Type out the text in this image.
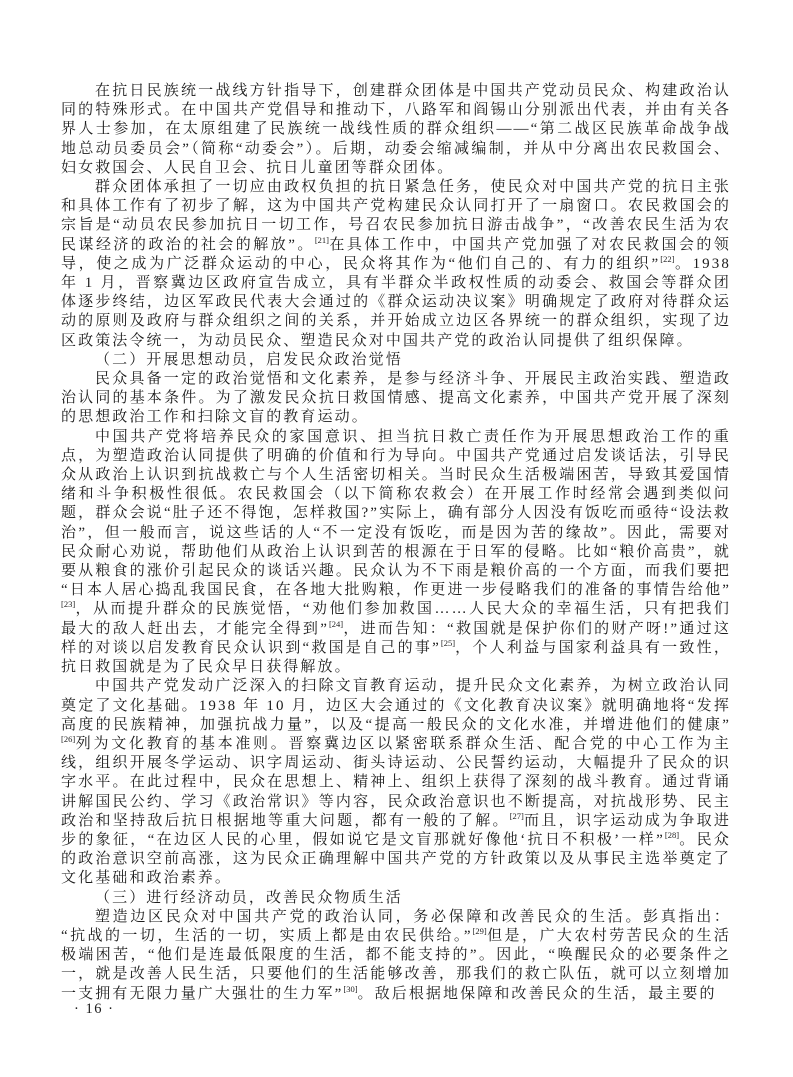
在抗日民族统一战线方针指导下，创建群众团体是中国共产党动员民众、构建政治认同的特殊形式。在中国共产党倡导和推动下，八路军和阎锡山分别派出代表，并由有关各界人士参加，在太原组建了民族统一战线性质的群众组织——“第二战区民族革命战争战地总动员委员会”（简称“动委会”）。后期，动委会缩减编制，并从中分离出农民救国会、妇女救国会、人民自卫会、抗日儿童团等群众团体。

群众团体承担了一切应由政权负担的抗日紧急任务，使民众对中国共产党的抗日主张和具体工作有了初步了解，这为中国共产党构建民众认同打开了一扇窗口。农民救国会的宗旨是“动员农民参加抗日一切工作，号召农民参加抗日游击战争”，“改善农民生活为农民谋经济的政治的社会的解放”。[21]在具体工作中，中国共产党加强了对农民救国会的领导，使之成为广泛群众运动的中心，民众将其作为“他们自己的、有力的组织”[22]。1938 年 1 月，晋察冀边区政府宣告成立，具有半群众半政权性质的动委会、救国会等群众团体逐步终结，边区军政民代表大会通过的《群众运动决议案》明确规定了政府对待群众运动的原则及政府与群众组织之间的关系，并开始成立边区各界统一的群众组织，实现了边区政策法令统一，为动员民众、塑造民众对中国共产党的政治认同提供了组织保障。

（二）开展思想动员，启发民众政治觉悟

民众具备一定的政治觉悟和文化素养，是参与经济斗争、开展民主政治实践、塑造政治认同的基本条件。为了激发民众抗日救国情感、提高文化素养，中国共产党开展了深刻的思想政治工作和扫除文盲的教育运动。

中国共产党将培养民众的家国意识、担当抗日救亡责任作为开展思想政治工作的重点，为塑造政治认同提供了明确的价值和行为导向。中国共产党通过启发谈话法，引导民众从政治上认识到抗战救亡与个人生活密切相关。当时民众生活极端困苦，导致其爱国情绪和斗争积极性很低。农民救国会（以下简称农救会）在开展工作时经常会遇到类似问题，群众会说“肚子还不得饱，怎样救国?”实际上，确有部分人因没有饭吃而亟待“设法救治”，但一般而言，说这些话的人“不一定没有饭吃，而是因为苦的缘故”。因此，需要对民众耐心劝说，帮助他们从政治上认识到苦的根源在于日军的侵略。比如“粮价高贵”，就要从粮食的涨价引起民众的谈话兴趣。民众认为不下雨是粮价高的一个方面，而我们要把“日本人居心捣乱我国民食，在各地大批购粮，作更进一步侵略我们的准备的事情告给他”[23]，从而提升群众的民族觉悟，“劝他们参加救国……人民大众的幸福生活，只有把我们最大的敌人赶出去，才能完全得到”[24]，进而告知：“救国就是保护你们的财产呀!”通过这样的对谈以启发教育民众认识到“救国是自己的事”[25]，个人利益与国家利益具有一致性，抗日救国就是为了民众早日获得解放。

中国共产党发动广泛深入的扫除文盲教育运动，提升民众文化素养，为树立政治认同奠定了文化基础。1938 年 10 月，边区大会通过的《文化教育决议案》就明确地将“发挥高度的民族精神，加强抗战力量”，以及“提高一般民众的文化水准，并增进他们的健康”[26]列为文化教育的基本准则。晋察冀边区以紧密联系群众生活、配合党的中心工作为主线，组织开展冬学运动、识字周运动、街头诗运动、公民誓约运动，大幅提升了民众的识字水平。在此过程中，民众在思想上、精神上、组织上获得了深刻的战斗教育。通过背诵讲解国民公约、学习《政治常识》等内容，民众政治意识也不断提高，对抗战形势、民主政治和坚持敌后抗日根据地等重大问题，都有一般的了解。[27]而且，识字运动成为争取进步的象征，“在边区人民的心里，假如说它是文盲那就好像他‘抗日不积极’一样”[28]。民众的政治意识空前高涨，这为民众正确理解中国共产党的方针政策以及从事民主选举奠定了文化基础和政治素养。

（三）进行经济动员，改善民众物质生活

塑造边区民众对中国共产党的政治认同，务必保障和改善民众的生活。彭真指出：“抗战的一切，生活的一切，实质上都是由农民供给。”[29]但是，广大农村劳苦民众的生活极端困苦，“他们是连最低限度的生活，都不能支持的”。因此，“唤醒民众的必要条件之一，就是改善人民生活，只要他们的生活能够改善，那我们的救亡队伍，就可以立刻增加一支拥有无限力量广大强壮的生力军”[30]。敌后根据地保障和改善民众的生活，最主要的

· 16 ·
